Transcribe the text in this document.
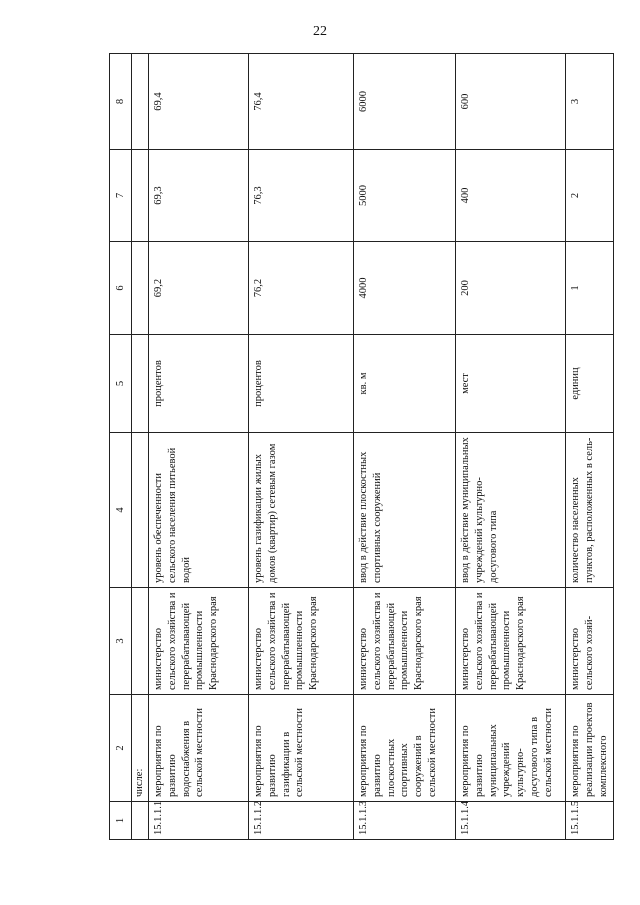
22
1	2	3	4	5	6	7	8
	числе:						
15.1.1.1	мероприятия по развитию водоснабжения в сельской местности	министерство сельского хозяйства и перерабатывающей промышленности Краснодарского края	уровень обеспеченности сельского населения питьевой водой	процентов	69,2	69,3	69,4
15.1.1.2	мероприятия по развитию газификации в сельской местности	министерство сельского хозяйства и перерабатывающей промышленности Краснодарского края	уровень газификации жилых домов (квартир) сетевым газом	процентов	76,2	76,3	76,4
15.1.1.3	мероприятия по развитию плоскостных спортивных сооружений в сельской местности	министерство сельского хозяйства и перерабатывающей промышленности Краснодарского края	ввод в действие плоскостных спортивных сооружений	кв. м	4000	5000	6000
15.1.1.4	мероприятия по развитию муниципальных учреждений культурно-досугового типа в сельской местности	министерство сельского хозяйства и перерабатывающей промышленности Краснодарского края	ввод в действие муниципальных учреждений культурно-досугового типа	мест	200	400	600
15.1.1.5	мероприятия по реализации проектов комплексного	министерство сельского хозяй-	количество населенных пунктов, расположенных в сель-	единиц	1	2	3
